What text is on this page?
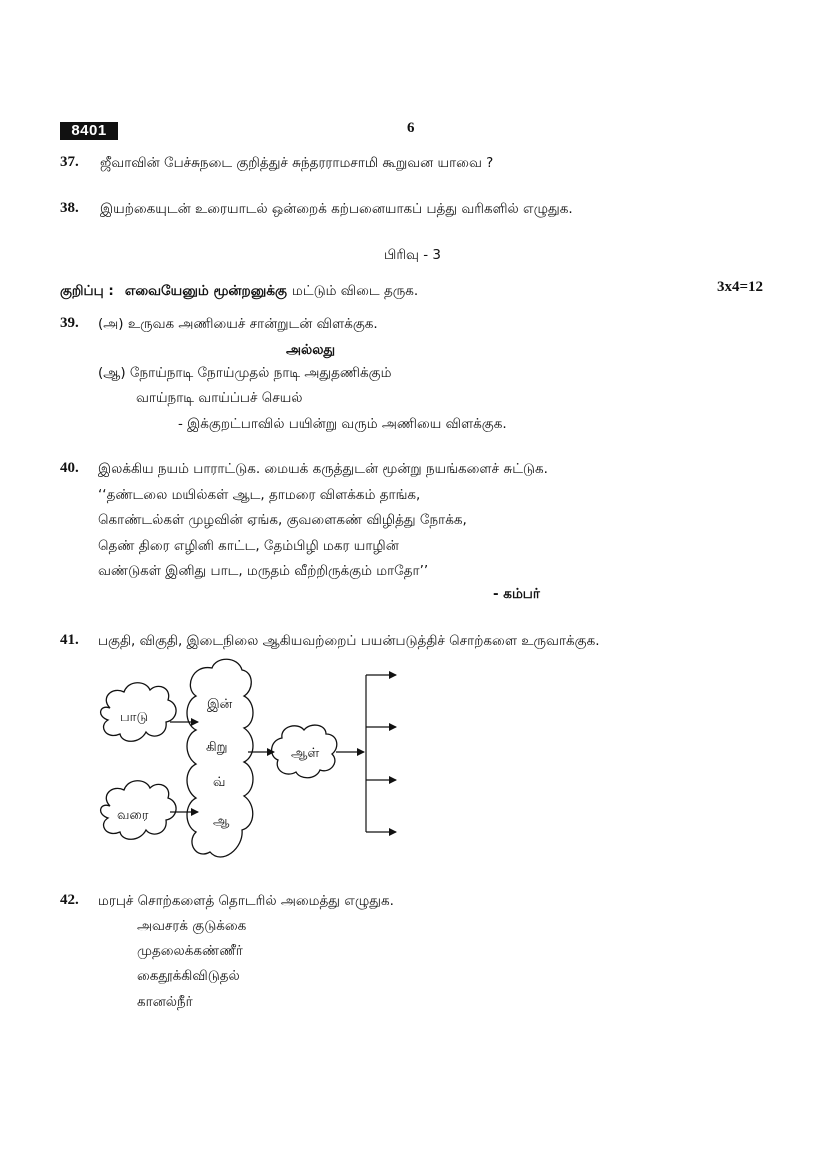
8401	6
37. ஜீவாவின் பேச்சுநடை குறித்துச் சுந்தரராமசாமி கூறுவன யாவை ?
38. இயற்கையுடன் உரையாடல் ஒன்றைக் கற்பனையாகப் பத்து வரிகளில் எழுதுக.
பிரிவு - 3
குறிப்பு : எவையேனும் மூன்றனுக்கு மட்டும் விடை தருக.	3x4=12
39. (அ) உருவக அணியைச் சான்றுடன் விளக்குக.
அல்லது
(ஆ) நோய்நாடி நோய்முதல் நாடி அதுதணிக்கும்
வாய்நாடி வாய்ப்பச் செயல்
- இக்குறட்பாவில் பயின்று வரும் அணியை விளக்குக.
40. இலக்கிய நயம் பாராட்டுக. மையக் கருத்துடன் மூன்று நயங்களைச் சுட்டுக.
‘‘தண்டலை மயில்கள் ஆட, தாமரை விளக்கம் தாங்க,
கொண்டல்கள் முழவின் ஏங்க, குவளைகண் விழித்து நோக்க,
தெண் திரை எழினி காட்ட, தேம்பிழி மகர யாழின்
வண்டுகள் இனிது பாட, மருதம் வீற்றிருக்கும் மாதோ’’
- கம்பர்
41. பகுதி, விகுதி, இடைநிலை ஆகியவற்றைப் பயன்படுத்திச் சொற்களை உருவாக்குக.
பாடு
வரை
இன்
கிறு
வ்
ஆ
ஆள்
42. மரபுச் சொற்களைத் தொடரில் அமைத்து எழுதுக.
அவசரக் குடுக்கை
முதலைக்கண்ணீர்
கைதூக்கிவிடுதல்
கானல்நீர்
